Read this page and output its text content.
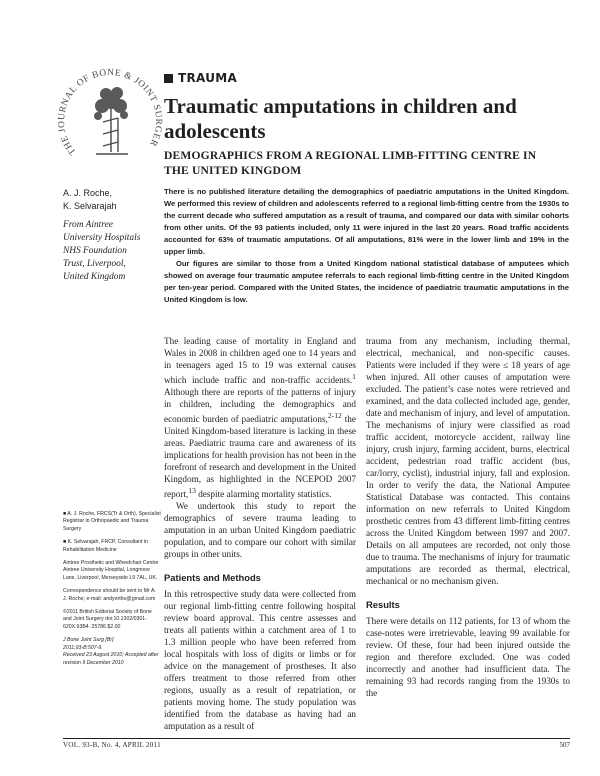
THE JOURNAL OF BONE & JOINT SURGER
TRAUMA
Traumatic amputations in children and adolescents
DEMOGRAPHICS FROM A REGIONAL LIMB-FITTING CENTRE IN THE UNITED KINGDOM
A. J. Roche,
K. Selvarajah
From Aintree
University Hospitals
NHS Foundation
Trust, Liverpool,
United Kingdom

There is no published literature detailing the demographics of paediatric amputations in the United Kingdom. We performed this review of children and adolescents referred to a regional limb-fitting centre from the 1930s to the current decade who suffered amputation as a result of trauma, and compared our data with similar cohorts from other units. Of the 93 patients included, only 11 were injured in the last 20 years. Road traffic accidents accounted for 63% of traumatic amputations. Of all amputations, 81% were in the lower limb and 19% in the upper limb.

Our figures are similar to those from a United Kingdom national statistical database of amputees which showed on average four traumatic amputee referrals to each regional limb-fitting centre in the United Kingdom per ten-year period. Compared with the United States, the incidence of paediatric traumatic amputations in the United Kingdom is low.

The leading cause of mortality in England and Wales in 2008 in children aged one to 14 years and in teenagers aged 15 to 19 was external causes which include traffic and non-traffic accidents.$^1$ Although there are reports of the patterns of injury in children, including the demographics and economic burden of paediatric amputations,$^{2-12}$ the United Kingdom-based literature is lacking in these areas. Paediatric trauma care and awareness of its implications for health provision has not been in the forefront of research and development in the United Kingdom, as highlighted in the NCEPOD 2007 report,$^{13}$ despite alarming mortality statistics.

We undertook this study to report the demographics of severe trauma leading to amputation in an urban United Kingdom paediatric population, and to compare our cohort with similar groups in other units.

Patients and Methods

In this retrospective study data were collected from our regional limb-fitting centre following hospital review board approval. This centre assesses and treats all patients within a catchment area of 1 to 1.3 million people who have been referred from local hospitals with loss of digits or limbs or for advice on the management of prostheses. It also offers treatment to those referred from other regions, usually as a result of repatriation, or patients moving home. The study population was identified from the database as having had an amputation as a result of

trauma from any mechanism, including thermal, electrical, mechanical, and non-specific causes. Patients were included if they were ≤ 18 years of age when injured. All other causes of amputation were excluded. The patient’s case notes were retrieved and examined, and the data collected included age, gender, date and mechanism of injury, and level of amputation. The mechanisms of injury were classified as road traffic accident, motorcycle accident, railway line injury, crush injury, farming accident, burns, electrical accident, pedestrian road traffic accident (bus, car/lorry, cyclist), industrial injury, fall and explosion. In order to verify the data, the National Amputee Statistical Database was contacted. This contains information on new referrals to United Kingdom prosthetic centres from 43 different limb-fitting centres across the United Kingdom between 1997 and 2007. Details on all amputees are recorded, not only those due to trauma. The mechanisms of injury for traumatic amputations are recorded as thermal, electrical, mechanical or no mechanism given.

Results

There were details on 112 patients, for 13 of whom the case-notes were irretrievable, leaving 99 available for review. Of these, four had been injured outside the region and therefore excluded. One was coded incorrectly and another had insufficient data. The remaining 93 had records ranging from the 1930s to the

■ A. J. Roche, FRCS(Tr & Orth), Specialist Registrar in Orthopaedic and Trauma Surgery
■ K. Selvarajah, FRCP, Consultant in Rehabilitation Medicine
Aintree Prosthetic and Wheelchair Centre Aintree University Hospital, Longmoor Lane, Liverpool, Merseyside L9 7AL, UK.
Correspondence should be sent to Mr A. J. Roche; e-mail: andyortho@gmail.com
©2011 British Editorial Society of Bone and Joint Surgery doi:10.1302/0301-620X.93B4. 25786 $2.00
J Bone Joint Surg [Br]
2011;93-B:507-9.
Received 23 August 2010; Accepted after revision 9 December 2010
VOL. 93-B, No. 4, APRIL 2011	507
